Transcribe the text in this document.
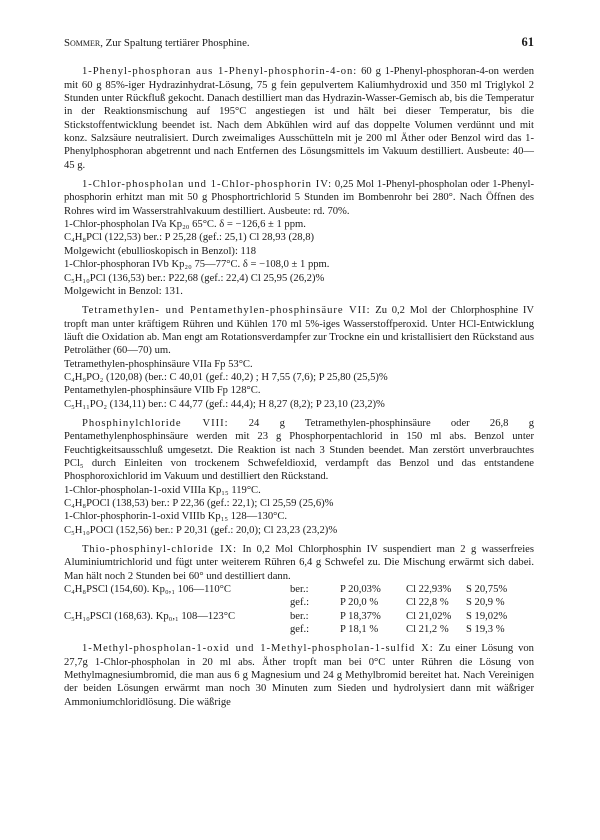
Sommer, Zur Spaltung tertiärer Phosphine.	61

1-Phenyl-phosphoran aus 1-Phenyl-phosphorin-4-on: 60 g 1-Phenyl-phosphoran-4-on werden mit 60 g 85%-iger Hydrazinhydrat-Lösung, 75 g fein gepulvertem Kaliumhydroxid und 350 ml Triglykol 2 Stunden unter Rückfluß gekocht. Danach destilliert man das Hydrazin-Wasser-Gemisch ab, bis die Temperatur in der Reaktionsmischung auf 195°C angestiegen ist und hält bei dieser Temperatur, bis die Stickstoffentwicklung beendet ist. Nach dem Abkühlen wird auf das doppelte Volumen verdünnt und mit konz. Salzsäure neutralisiert. Durch zweimaliges Ausschütteln mit je 200 ml Äther oder Benzol wird das 1-Phenylphosphoran abgetrennt und nach Entfernen des Lösungsmittels im Vakuum destilliert. Ausbeute: 40—45 g.

1-Chlor-phospholan und 1-Chlor-phosphorin IV: 0,25 Mol 1-Phenyl-phospholan oder 1-Phenyl-phosphorin erhitzt man mit 50 g Phosphortrichlorid 5 Stunden im Bombenrohr bei 280°. Nach Öffnen des Rohres wird im Wasserstrahlvakuum destilliert. Ausbeute: rd. 70%.

1-Chlor-phospholan IVa Kp₂₀ 65°C. δ = −126,6 ± 1 ppm.
C₄H₈PCl (122,53) ber.: P 25,28 (gef.: 25,1) Cl 28,93 (28,8)
Molgewicht (ebullioskopisch in Benzol): 118
1-Chlor-phosphoran IVb Kp₂₀ 75—77°C. δ = −108,0 ± 1 ppm.
C₅H₁₀PCl (136,53) ber.: P22,68 (gef.: 22,4) Cl 25,95 (26,2)%
Molgewicht in Benzol: 131.

Tetramethylen- und Pentamethylen-phosphinsäure VII: Zu 0,2 Mol der Chlorphosphine IV tropft man unter kräftigem Rühren und Kühlen 170 ml 5%-iges Wasserstoffperoxid. Unter HCl-Entwicklung läuft die Oxidation ab. Man engt am Rotationsverdampfer zur Trockne ein und kristallisiert den Rückstand aus Petroläther (60—70) um.

Tetramethylen-phosphinsäure VIIa Fp 53°C.
C₄H₉PO₂ (120,08) (ber.: C 40,01 (gef.: 40,2) ; H 7,55 (7,6); P 25,80 (25,5)%
Pentamethylen-phosphinsäure VIIb Fp 128°C.
C₅H₁₁PO₂ (134,11) ber.: C 44,77 (gef.: 44,4); H 8,27 (8,2); P 23,10 (23,2)%

Phosphinylchloride VIII: 24 g Tetramethylen-phosphinsäure oder 26,8 g Pentamethylenphosphinsäure werden mit 23 g Phosphorpentachlorid in 150 ml abs. Benzol unter Feuchtigkeitsausschluß umgesetzt. Die Reaktion ist nach 3 Stunden beendet. Man zerstört unverbrauchtes PCl₅ durch Einleiten von trockenem Schwefeldioxid, verdampft das Benzol und das entstandene Phosphoroxichlorid im Vakuum und destilliert den Rückstand.

1-Chlor-phospholan-1-oxid VIIIa Kp₁₅ 119°C.
C₄H₈POCl (138,53) ber.: P 22,36 (gef.: 22,1); Cl 25,59 (25,6)%
1-Chlor-phosphorin-1-oxid VIIIb Kp₁₅ 128—130°C.
C₅H₁₀POCl (152,56) ber.: P 20,31 (gef.: 20,0); Cl 23,23 (23,2)%

Thio-phosphinyl-chloride IX: In 0,2 Mol Chlorphosphin IV suspendiert man 2 g wasserfreies Aluminiumtrichlorid und fügt unter weiterem Rühren 6,4 g Schwefel zu. Die Mischung erwärmt sich dabei. Man hält noch 2 Stunden bei 60° und destilliert dann.

C₄H₈PSCl (154,60). Kp₀,₁ 106—110°C	ber.:	P 20,03%	Cl 22,93%	S 20,75%
	gef.:	P 20,0 %	Cl 22,8 %	S 20,9 %
C₅H₁₀PSCl (168,63). Kp₀,₁ 108—123°C	ber.:	P 18,37%	Cl 21,02%	S 19,02%
	gef.:	P 18,1 %	Cl 21,2 %	S 19,3 %

1-Methyl-phospholan-1-oxid und 1-Methyl-phospholan-1-sulfid X: Zu einer Lösung von 27,7g 1-Chlor-phospholan in 20 ml abs. Äther tropft man bei 0°C unter Rühren die Lösung von Methylmagnesiumbromid, die man aus 6 g Magnesium und 24 g Methylbromid bereitet hat. Nach Vereinigen der beiden Lösungen erwärmt man noch 30 Minuten zum Sieden und hydrolysiert dann mit wäßriger Ammoniumchloridlösung. Die wäßrige
